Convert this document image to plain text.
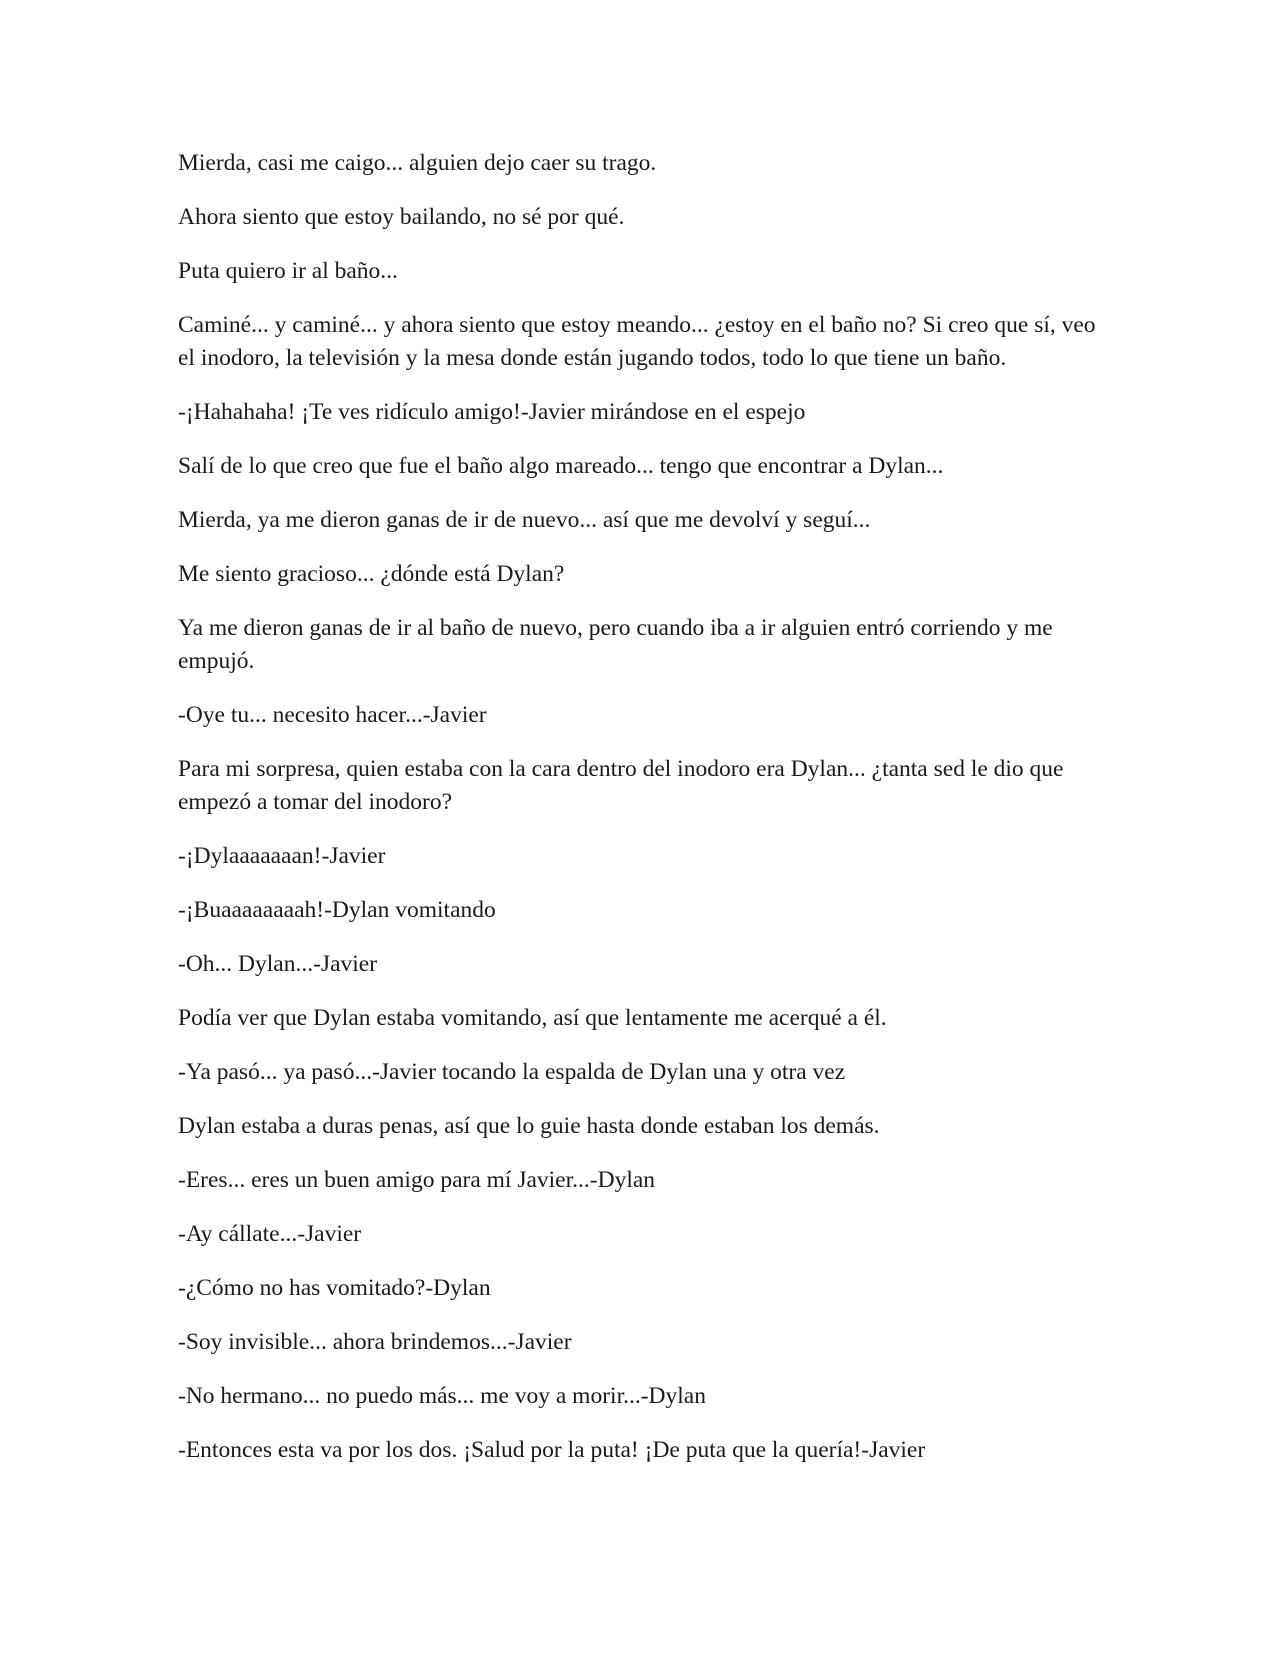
Mierda, casi me caigo... alguien dejo caer su trago.

Ahora siento que estoy bailando, no sé por qué.

Puta quiero ir al baño...

Caminé... y caminé... y ahora siento que estoy meando... ¿estoy en el baño no? Si creo que sí, veo el inodoro, la televisión y la mesa donde están jugando todos, todo lo que tiene un baño.

-¡Hahahaha! ¡Te ves ridículo amigo!-Javier mirándose en el espejo

Salí de lo que creo que fue el baño algo mareado... tengo que encontrar a Dylan...

Mierda, ya me dieron ganas de ir de nuevo... así que me devolví y seguí...

Me siento gracioso... ¿dónde está Dylan?

Ya me dieron ganas de ir al baño de nuevo, pero cuando iba a ir alguien entró corriendo y me empujó.

-Oye tu... necesito hacer...-Javier

Para mi sorpresa, quien estaba con la cara dentro del inodoro era Dylan... ¿tanta sed le dio que empezó a tomar del inodoro?

-¡Dylaaaaaaan!-Javier

-¡Buaaaaaaaah!-Dylan vomitando

-Oh... Dylan...-Javier

Podía ver que Dylan estaba vomitando, así que lentamente me acerqué a él.

-Ya pasó... ya pasó...-Javier tocando la espalda de Dylan una y otra vez

Dylan estaba a duras penas, así que lo guie hasta donde estaban los demás.

-Eres... eres un buen amigo para mí Javier...-Dylan

-Ay cállate...-Javier

-¿Cómo no has vomitado?-Dylan

-Soy invisible... ahora brindemos...-Javier

-No hermano... no puedo más... me voy a morir...-Dylan

-Entonces esta va por los dos. ¡Salud por la puta! ¡De puta que la quería!-Javier
